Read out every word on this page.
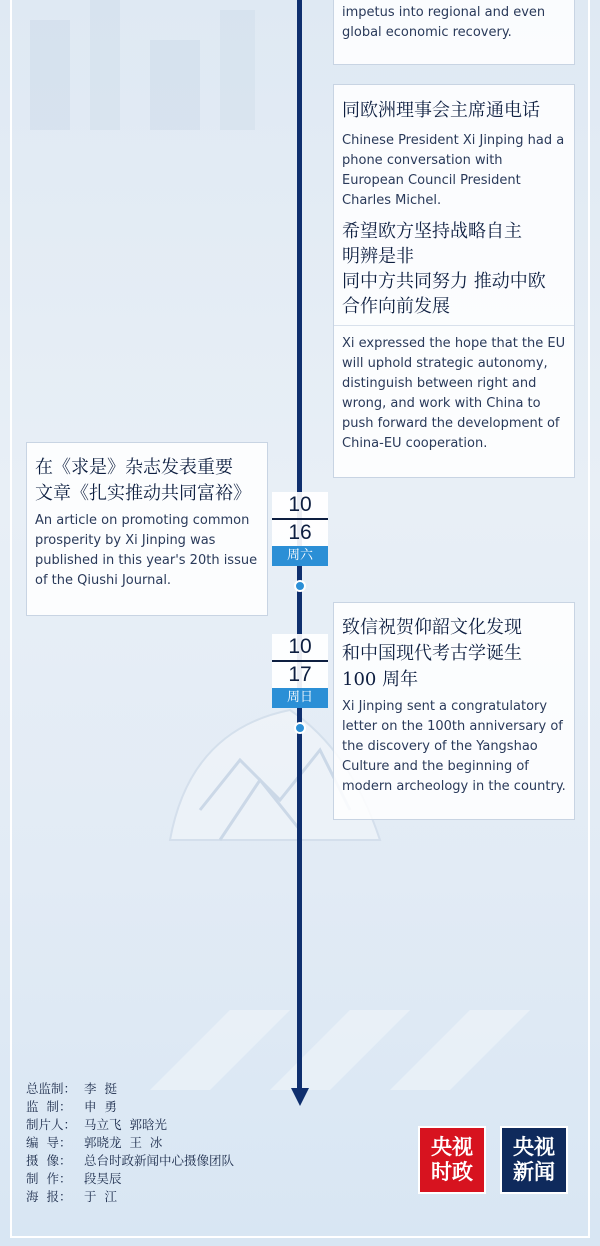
impetus into regional and even global economic recovery.

同欧洲理事会主席通电话

Chinese President Xi Jinping had a phone conversation with European Council President Charles Michel.

希望欧方坚持战略自主

明辨是非

同中方共同努力 推动中欧

合作向前发展

Xi expressed the hope that the EU will uphold strategic autonomy, distinguish between right and wrong, and work with China to push forward the development of China-EU cooperation.

在《求是》杂志发表重要

文章《扎实推动共同富裕》

An article on promoting common prosperity by Xi Jinping was published in this year's 20th issue of the Qiushi Journal.

致信祝贺仰韶文化发现

和中国现代考古学诞生

100 周年

Xi Jinping sent a congratulatory letter on the 100th anniversary of the discovery of the Yangshao Culture and the beginning of modern archeology in the country.

10
16
周六
10
17
周日
总监制： 李  挺
监  制：	申  勇
制片人： 马立飞  郭晗光
编  导：	郭晓龙  王  冰
摄  像：	总台时政新闻中心摄像团队
制  作：	段昊辰
海  报：	于  江
央视
时政
央视
新闻
